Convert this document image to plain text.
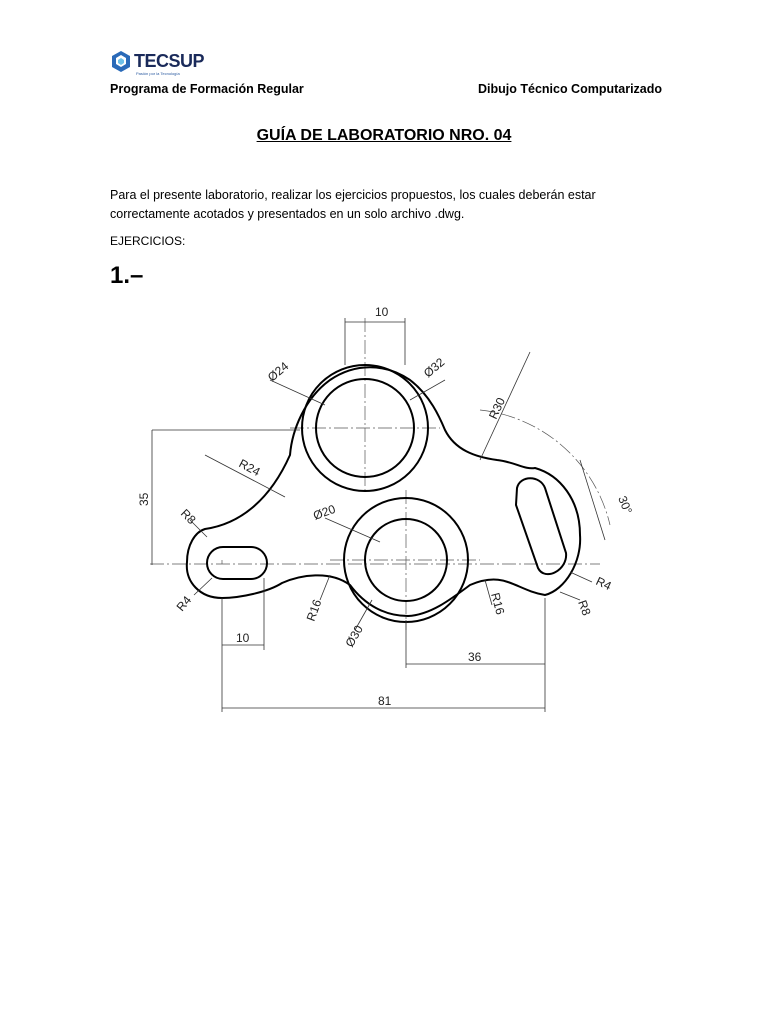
TECSUP
Pasión por la Tecnología
Programa de Formación Regular	Dibujo Técnico Computarizado
GUÍA DE LABORATORIO NRO. 04
Para el presente laboratorio, realizar los ejercicios propuestos, los cuales deberán estar correctamente acotados y presentados en un solo archivo .dwg.
EJERCICIOS:
1.–
10
Ø24	Ø32
R30
R24
35
R8	Ø20	30°
R4	R16
Ø30
R16
R4
R8
10
36
81
